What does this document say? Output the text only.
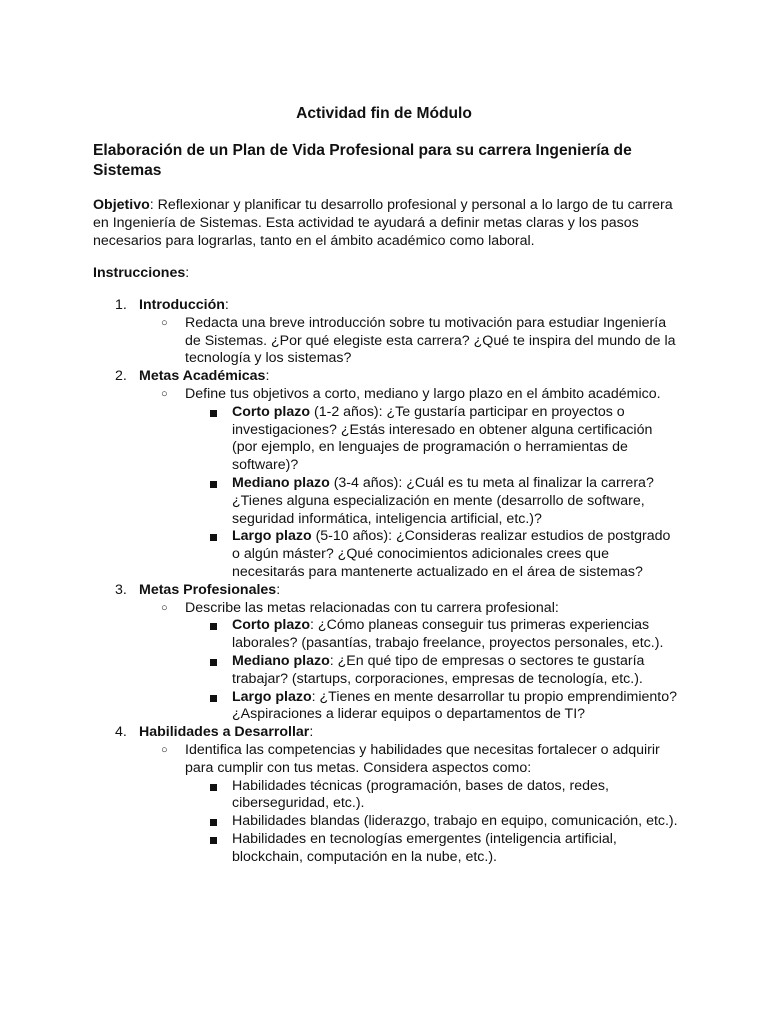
Actividad fin de Módulo
Elaboración de un Plan de Vida Profesional para su carrera Ingeniería de Sistemas
Objetivo: Reflexionar y planificar tu desarrollo profesional y personal a lo largo de tu carrera en Ingeniería de Sistemas. Esta actividad te ayudará a definir metas claras y los pasos necesarios para lograrlas, tanto en el ámbito académico como laboral.
Instrucciones:
1. Introducción:
○ Redacta una breve introducción sobre tu motivación para estudiar Ingeniería de Sistemas. ¿Por qué elegiste esta carrera? ¿Qué te inspira del mundo de la tecnología y los sistemas?
2. Metas Académicas:
○ Define tus objetivos a corto, mediano y largo plazo en el ámbito académico.
Corto plazo (1-2 años): ¿Te gustaría participar en proyectos o investigaciones? ¿Estás interesado en obtener alguna certificación (por ejemplo, en lenguajes de programación o herramientas de software)?
Mediano plazo (3-4 años): ¿Cuál es tu meta al finalizar la carrera? ¿Tienes alguna especialización en mente (desarrollo de software, seguridad informática, inteligencia artificial, etc.)?
Largo plazo (5-10 años): ¿Consideras realizar estudios de postgrado o algún máster? ¿Qué conocimientos adicionales crees que necesitarás para mantenerte actualizado en el área de sistemas?
3. Metas Profesionales:
○ Describe las metas relacionadas con tu carrera profesional:
Corto plazo: ¿Cómo planeas conseguir tus primeras experiencias laborales? (pasantías, trabajo freelance, proyectos personales, etc.).
Mediano plazo: ¿En qué tipo de empresas o sectores te gustaría trabajar? (startups, corporaciones, empresas de tecnología, etc.).
Largo plazo: ¿Tienes en mente desarrollar tu propio emprendimiento? ¿Aspiraciones a liderar equipos o departamentos de TI?
4. Habilidades a Desarrollar:
○ Identifica las competencias y habilidades que necesitas fortalecer o adquirir para cumplir con tus metas. Considera aspectos como:
Habilidades técnicas (programación, bases de datos, redes, ciberseguridad, etc.).
Habilidades blandas (liderazgo, trabajo en equipo, comunicación, etc.).
Habilidades en tecnologías emergentes (inteligencia artificial, blockchain, computación en la nube, etc.).
